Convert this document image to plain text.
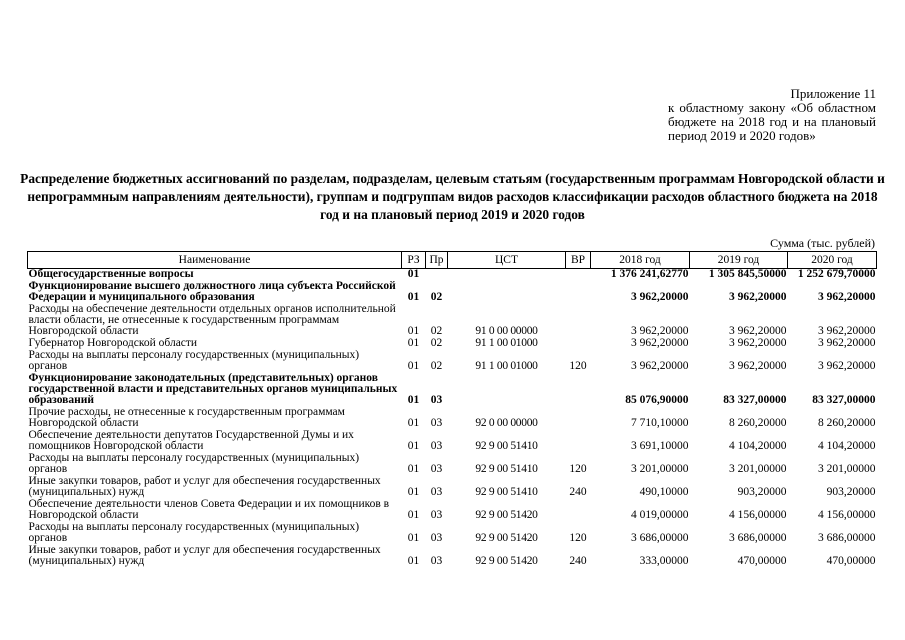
Приложение 11
к областному закону «Об областном бюджете на 2018 год и на плановый период 2019 и 2020 годов»
Распределение бюджетных ассигнований по разделам, подразделам, целевым статьям (государственным программам Новгородской области и непрограммным направлениям деятельности), группам и подгруппам видов расходов классификации расходов областного бюджета на 2018 год и на плановый период 2019 и 2020 годов
Сумма (тыс. рублей)
Наименование	РЗ	Пр	ЦСТ	ВР	2018 год	2019 год	2020 год
Общегосударственные вопросы	01				1 376 241,62770	1 305 845,50000	1 252 679,70000
Функционирование высшего должностного лица субъекта Российской Федерации и муниципального образования	01	02			3 962,20000	3 962,20000	3 962,20000
Расходы на обеспечение деятельности отдельных органов исполнительной власти области, не отнесенные к государственным программам Новгородской области	01	02	91 0 00 00000		3 962,20000	3 962,20000	3 962,20000
Губернатор Новгородской области	01	02	91 1 00 01000		3 962,20000	3 962,20000	3 962,20000
Расходы на выплаты персоналу государственных (муниципальных) органов	01	02	91 1 00 01000	120	3 962,20000	3 962,20000	3 962,20000
Функционирование законодательных (представительных) органов государственной власти и представительных органов муниципальных образований	01	03			85 076,90000	83 327,00000	83 327,00000
Прочие расходы, не отнесенные к государственным программам Новгородской области	01	03	92 0 00 00000		7 710,10000	8 260,20000	8 260,20000
Обеспечение деятельности депутатов Государственной Думы и их помощников Новгородской области	01	03	92 9 00 51410		3 691,10000	4 104,20000	4 104,20000
Расходы на выплаты персоналу государственных (муниципальных) органов	01	03	92 9 00 51410	120	3 201,00000	3 201,00000	3 201,00000
Иные закупки товаров, работ и услуг для обеспечения государственных (муниципальных) нужд	01	03	92 9 00 51410	240	490,10000	903,20000	903,20000
Обеспечение деятельности членов Совета Федерации и их помощников в Новгородской области	01	03	92 9 00 51420		4 019,00000	4 156,00000	4 156,00000
Расходы на выплаты персоналу государственных (муниципальных) органов	01	03	92 9 00 51420	120	3 686,00000	3 686,00000	3 686,00000
Иные закупки товаров, работ и услуг для обеспечения государственных (муниципальных) нужд	01	03	92 9 00 51420	240	333,00000	470,00000	470,00000
